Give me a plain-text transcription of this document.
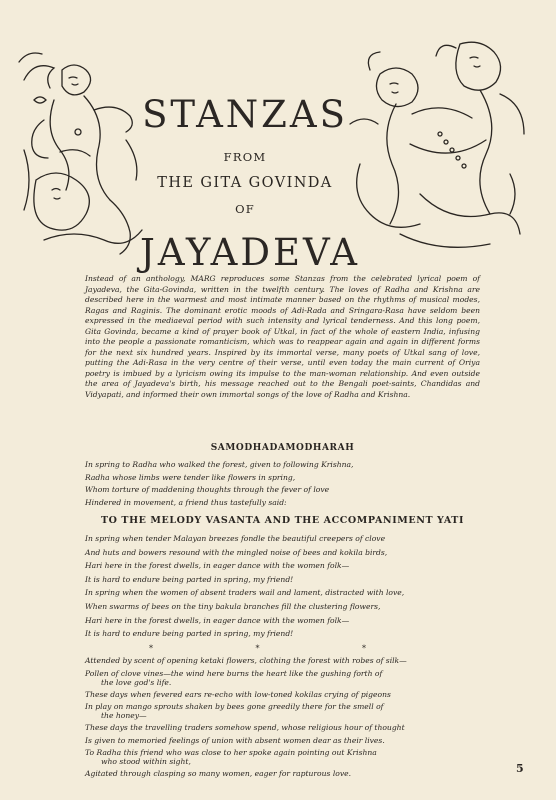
STANZAS

FROM

THE GITA GOVINDA

OF

JAYADEVA

Instead of an anthology, MARG reproduces some Stanzas from the celebrated lyrical poem of Jayadeva, the Gita-Govinda, written in the twelfth century. The loves of Radha and Krishna are described here in the warmest and most intimate manner based on the rhythms of musical modes, Ragas and Raginis. The dominant erotic moods of Adi-Rada and Sringara-Rasa have seldom been expressed in the mediaeval period with such intensity and lyrical tenderness. And this long poem, Gita Govinda, became a kind of prayer book of Utkal, in fact of the whole of eastern India, infusing into the people a passionate romanticism, which was to reappear again and again in different forms for the next six hundred years. Inspired by its immortal verse, many poets of Utkal sang of love, putting the Adi-Rasa in the very centre of their verse, until even today the main current of Oriya poetry is imbued by a lyricism owing its impulse to the man-woman relationship. And even outside the area of Jayadeva's birth, his message reached out to the Bengali poet-saints, Chandidas and Vidyapati, and informed their own immortal songs of the love of Radha and Krishna.

SAMODHADAMODHARAH

In spring to Radha who walked the forest, given to following Krishna,

Radha whose limbs were tender like flowers in spring,

Whom torture of maddening thoughts through the fever of love

Hindered in movement, a friend thus tastefully said:

TO THE MELODY VASANTA AND THE ACCOMPANIMENT YATI

In spring when tender Malayan breezes fondle the beautiful creepers of clove

And huts and bowers resound with the mingled noise of bees and kokila birds,

Hari here in the forest dwells, in eager dance with the women folk—

It is hard to endure being parted in spring, my friend!

In spring when the women of absent traders wail and lament, distracted with love,

When swarms of bees on the tiny bakula branches fill the clustering flowers,

Hari here in the forest dwells, in eager dance with the women folk—

It is hard to endure being parted in spring, my friend!

* * *

Attended by scent of opening ketaki flowers, clothing the forest with robes of silk—

Pollen of clove vines—the wind here burns the heart like the gushing forth of

the love god's life.

These days when fevered ears re-echo with low-toned kokilas crying of pigeons

In play on mango sprouts shaken by bees gone greedily there for the smell of

the honey—

These days the travelling traders somehow spend, whose religious hour of thought

Is given to memoried feelings of union with absent women dear as their lives.

To Radha this friend who was close to her spoke again pointing out Krishna

who stood within sight,

Agitated through clasping so many women, eager for rapturous love.	5
